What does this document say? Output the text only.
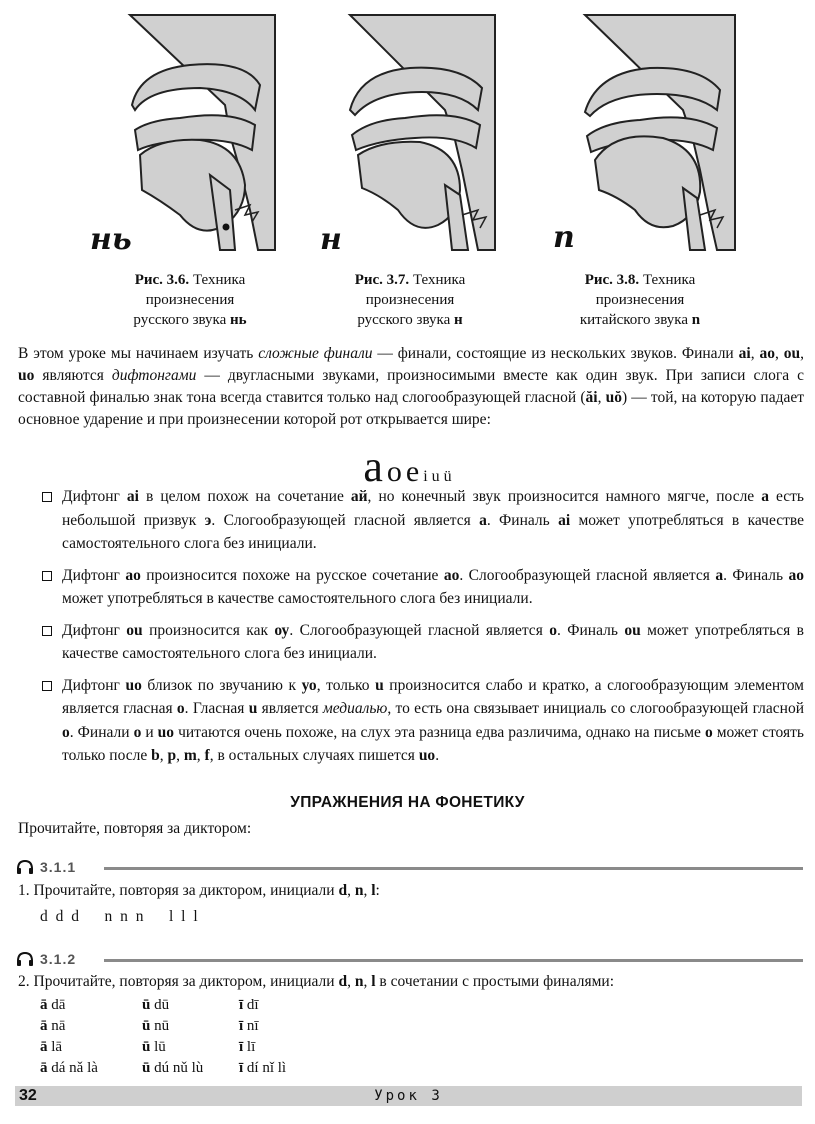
нь	н	n
Рис. 3.6. Техника
произнесения
русского звука нь
Рис. 3.7. Техника
произнесения
русского звука н
Рис. 3.8. Техника
произнесения
китайского звука n
В этом уроке мы начинаем изучать сложные финали — финали, состоящие из нескольких звуков. Финали ai, ao, ou, uo являются дифтонгами — двугласными звуками, произносимыми вместе как один звук. При записи слога с составной финалью знак тона всегда ставится только над слогообразующей гласной (ăi, uŏ) — той, на которую падает основное ударение и при произнесении которой рот открывается шире:
a o e i u ü
Дифтонг ai в целом похож на сочетание ай, но конечный звук произносится намного мягче, после а есть небольшой призвук э. Слогообразующей гласной является а. Финаль ai может употребляться в качестве самостоятельного слога без инициали.
Дифтонг ao произносится похоже на русское сочетание ао. Слогообразующей гласной является а. Финаль ao может употребляться в качестве самостоятельного слога без инициали.
Дифтонг ou произносится как оу. Слогообразующей гласной является o. Финаль ou может употребляться в качестве самостоятельного слога без инициали.
Дифтонг uo близок по звучанию к уо, только u произносится слабо и кратко, а слогообразующим элементом является гласная o. Гласная u является медиалью, то есть она связывает инициаль со слогообразующей гласной o. Финали o и uo читаются очень похоже, на слух эта разница едва различима, однако на письме o может стоять только после b, p, m, f, в остальных случаях пишется uo.
УПРАЖНЕНИЯ НА ФОНЕТИКУ
Прочитайте, повторяя за диктором:
3.1.1
1. Прочитайте, повторяя за диктором, инициали d, n, l:
d d d    n n n    l l l
3.1.2
2. Прочитайте, повторяя за диктором, инициали d, n, l в сочетании с простыми финалями:
ā dā	ū dū	ī dī
ā nā	ū nū	ī nī
ā lā	ū lū	ī lī
ā dá nǎ là	ū dú nǔ lù	ī dí nǐ lì
32	Урок 3
